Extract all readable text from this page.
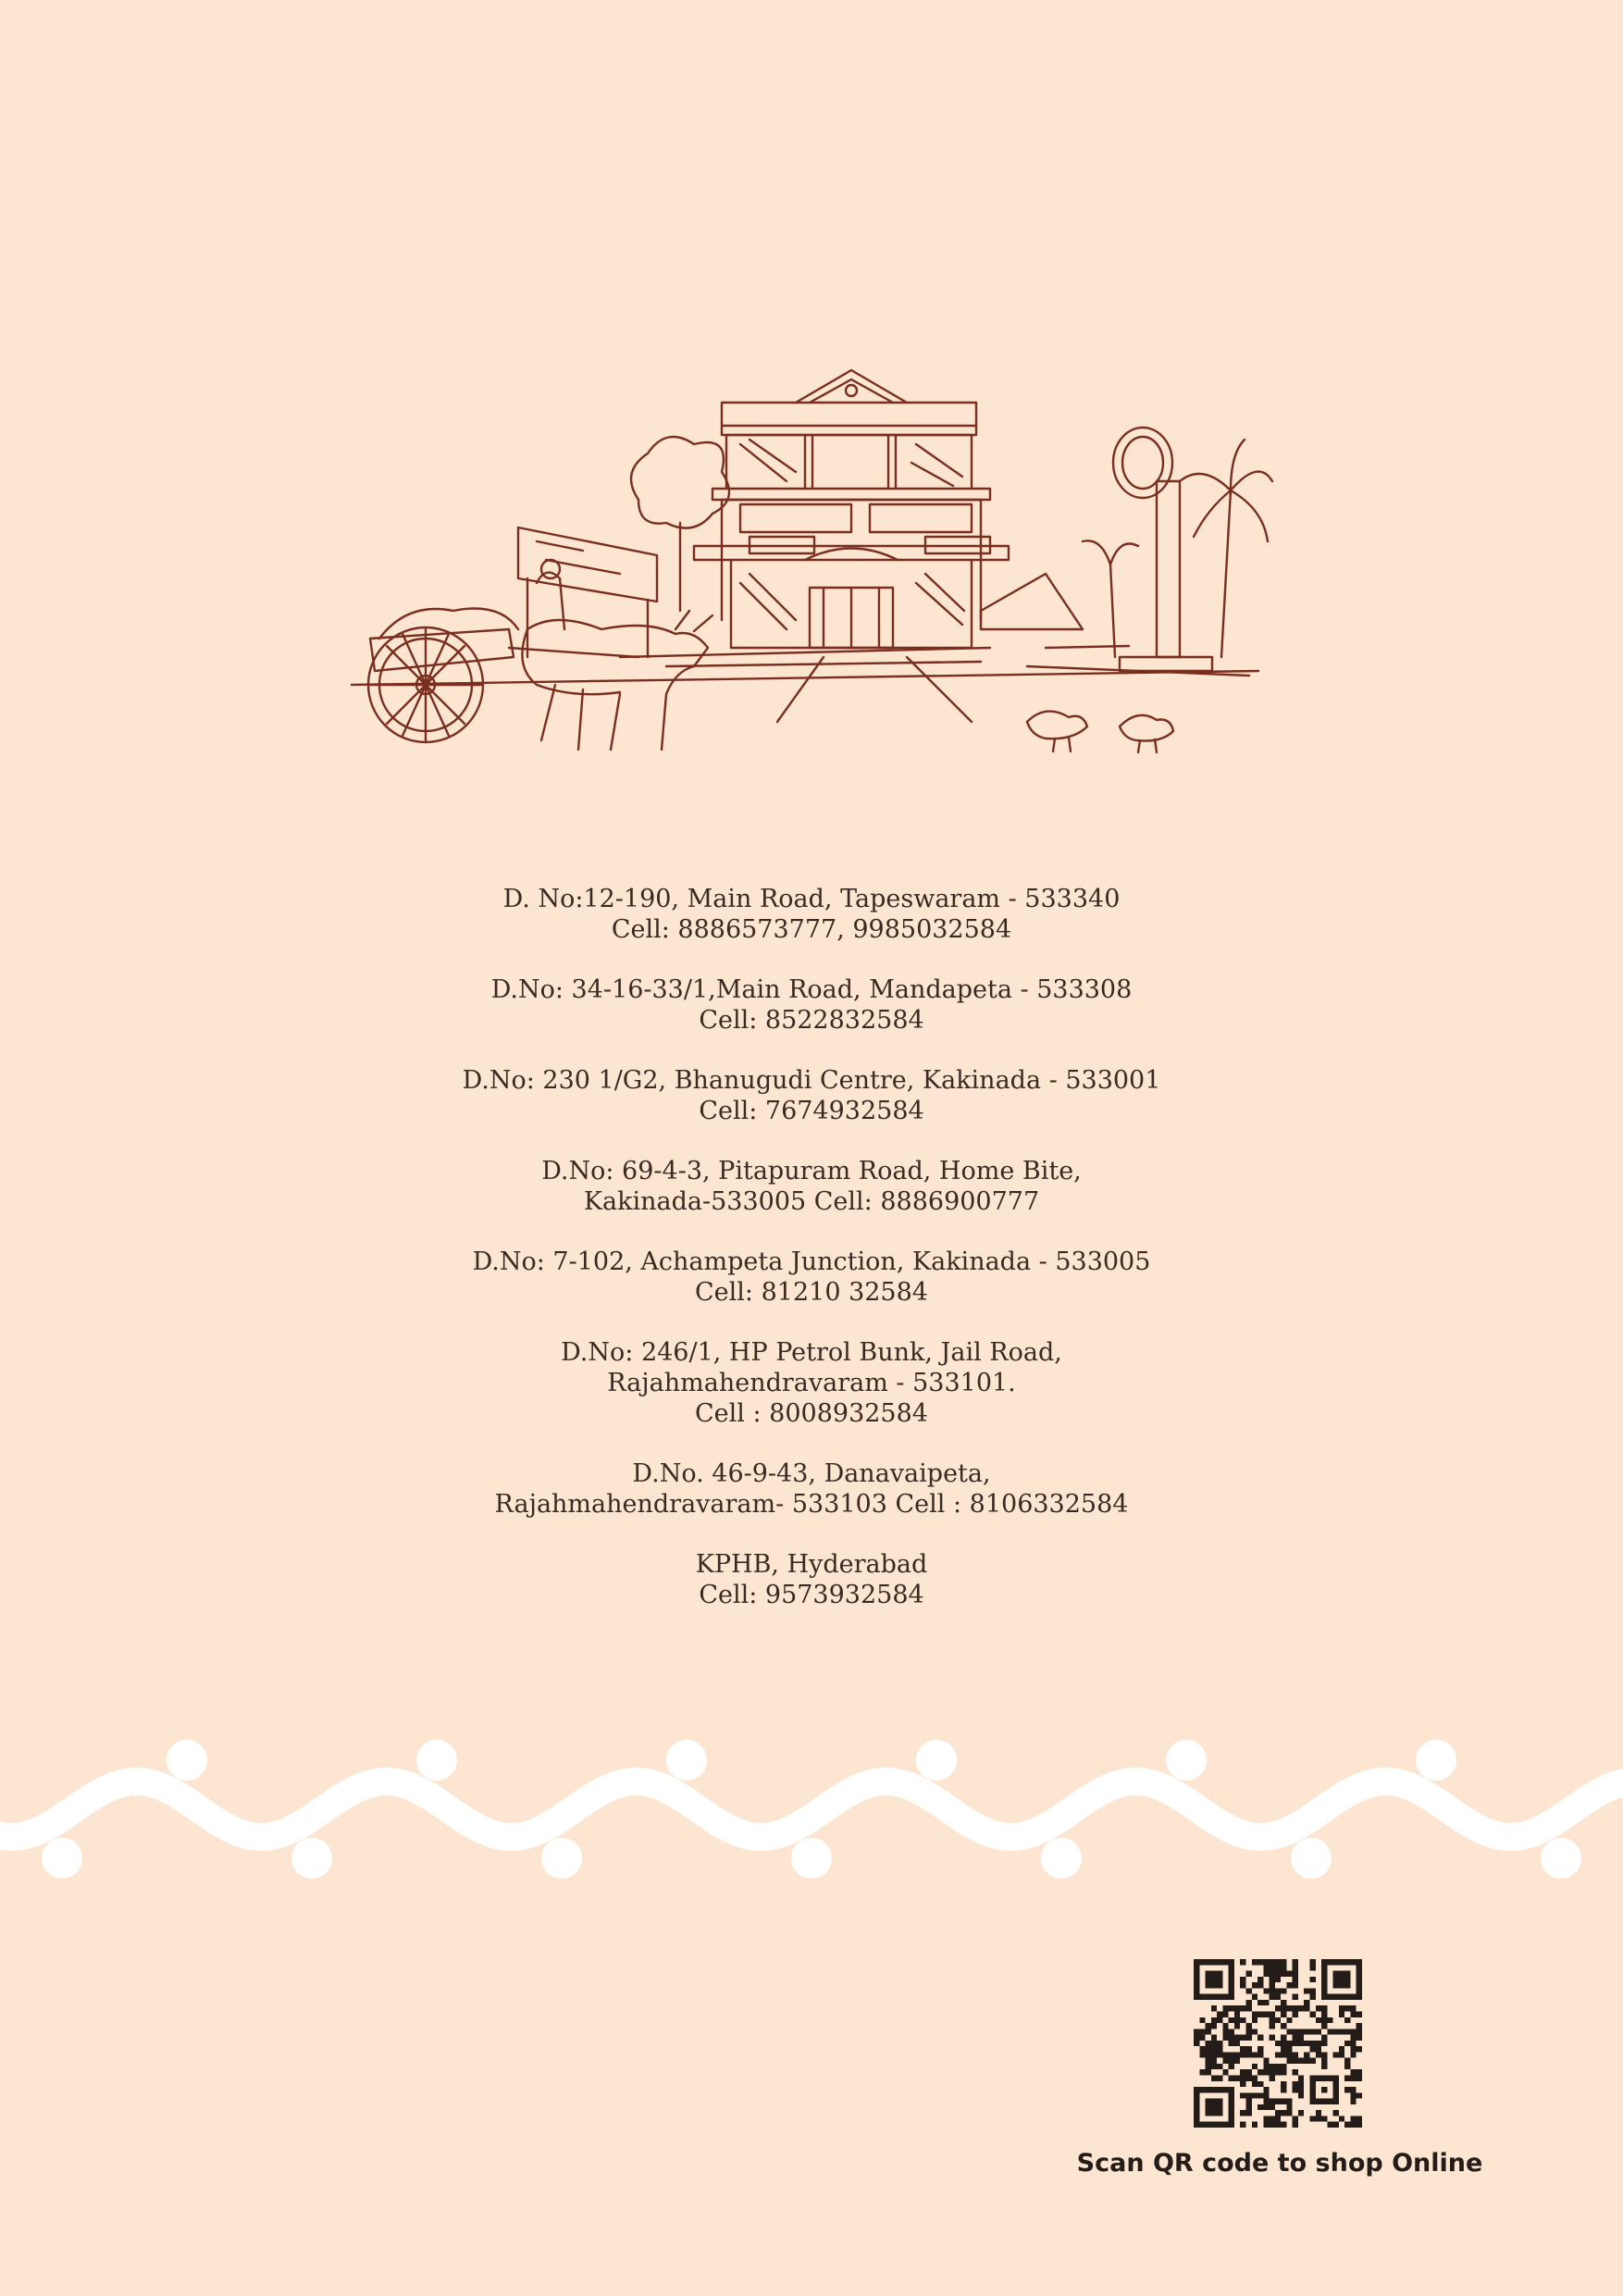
D. No:12-190, Main Road, Tapeswaram - 533340
Cell: 8886573777, 9985032584
D.No: 34-16-33/1,Main Road, Mandapeta - 533308
Cell: 8522832584
D.No: 230 1/G2, Bhanugudi Centre, Kakinada - 533001
Cell: 7674932584
D.No: 69-4-3, Pitapuram Road, Home Bite,
Kakinada-533005 Cell: 8886900777
D.No: 7-102, Achampeta Junction, Kakinada - 533005
Cell: 81210 32584
D.No: 246/1, HP Petrol Bunk, Jail Road,
Rajahmahendravaram - 533101.
Cell : 8008932584
D.No. 46-9-43, Danavaipeta,
Rajahmahendravaram- 533103 Cell : 8106332584
KPHB, Hyderabad
Cell: 9573932584
Scan QR code to shop Online
